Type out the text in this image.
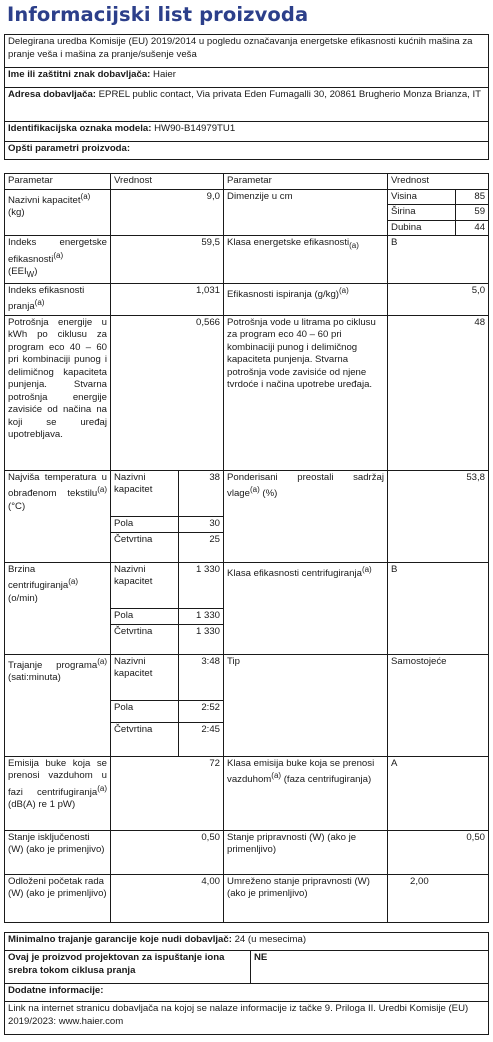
Informacijski list proizvoda
Delegirana uredba Komisije (EU) 2019/2014 u pogledu označavanja energetske efikasnosti kućnih mašina za pranje veša i mašina za pranje/sušenje veša
Ime ili zaštitni znak dobavljača: Haier
Adresa dobavljača: EPREL public contact, Via privata Eden Fumagalli 30, 20861 Brugherio Monza Brianza, IT
Identifikacijska oznaka modela: HW90-B14979TU1
Opšti parametri proizvoda:
Parametar	Vrednost		Parametar	Vrednost	
Nazivni kapacitet$^{(a)}$
(kg)	9,0		Dimenzije u cm	Visina	85
				Širina	59
				Dubina	44
Indeks energetske efikasnosti$^{(a)}$
$(EEI_W)$	59,5		Klasa energetske efikasnosti$_{(a)}$	B	
Indeks efikasnosti pranja$^{(a)}$	1,031		Efikasnosti ispiranja $(g/kg)^{(a)}$	5,0	
Potrošnja energije u kWh po ciklusu za program eco 40 – 60 pri kombinaciji punog i delimičnog kapaciteta punjenja. Stvarna potrošnja energije zavisiće od načina na koji se uređaj upotrebljava.	0,566		Potrošnja vode u litrama po ciklusu za program eco 40 – 60 pri kombinaciji punog i delimičnog kapaciteta punjenja. Stvarna potrošnja vode zavisiće od njene tvrdoće i načina upotrebe uređaja.	48	
Najviša temperatura u obrađenom tekstilu$^{(a)}$ (°C)	Nazivni kapacitet	38	Ponderisani preostali sadržaj vlage$^{(a)}$ (%)	53,8	
	Pola	30			
	Četvrtina	25			
Brzina centrifugiranja$^{(a)}$ (o/min)	Nazivni kapacitet	1 330	Klasa efikasnosti centrifugiranja$^{(a)}$	B	
	Pola	1 330			
	Četvrtina	1 330			
Trajanje programa$^{(a)}$ (sati:minuta)	Nazivni kapacitet	3:48	Tip	Samostojeće	
	Pola	2:52			
	Četvrtina	2:45			
Emisija buke koja se prenosi vazduhom u fazi centrifugiranja$^{(a)}$ (dB(A) re 1 pW)	72		Klasa emisija buke koja se prenosi vazduhom$^{(a)}$ (faza centrifugiranja)	A	
Stanje isključenosti (W) (ako je primenjivo)	0,50		Stanje pripravnosti (W) (ako je primenljivo)	0,50	
Odloženi početak rada (W) (ako je primenljivo)	4,00		Umreženo stanje pripravnosti (W) (ako je primenljivo)	2,00	
Minimalno trajanje garancije koje nudi dobavljač: 24 (u mesecima)
Ovaj je proizvod projektovan za ispuštanje iona srebra tokom ciklusa pranja	NE
Dodatne informacije:
Link na internet stranicu dobavljača na kojoj se nalaze informacije iz tačke 9. Priloga II. Uredbi Komisije (EU) 2019/2023: www.haier.com
